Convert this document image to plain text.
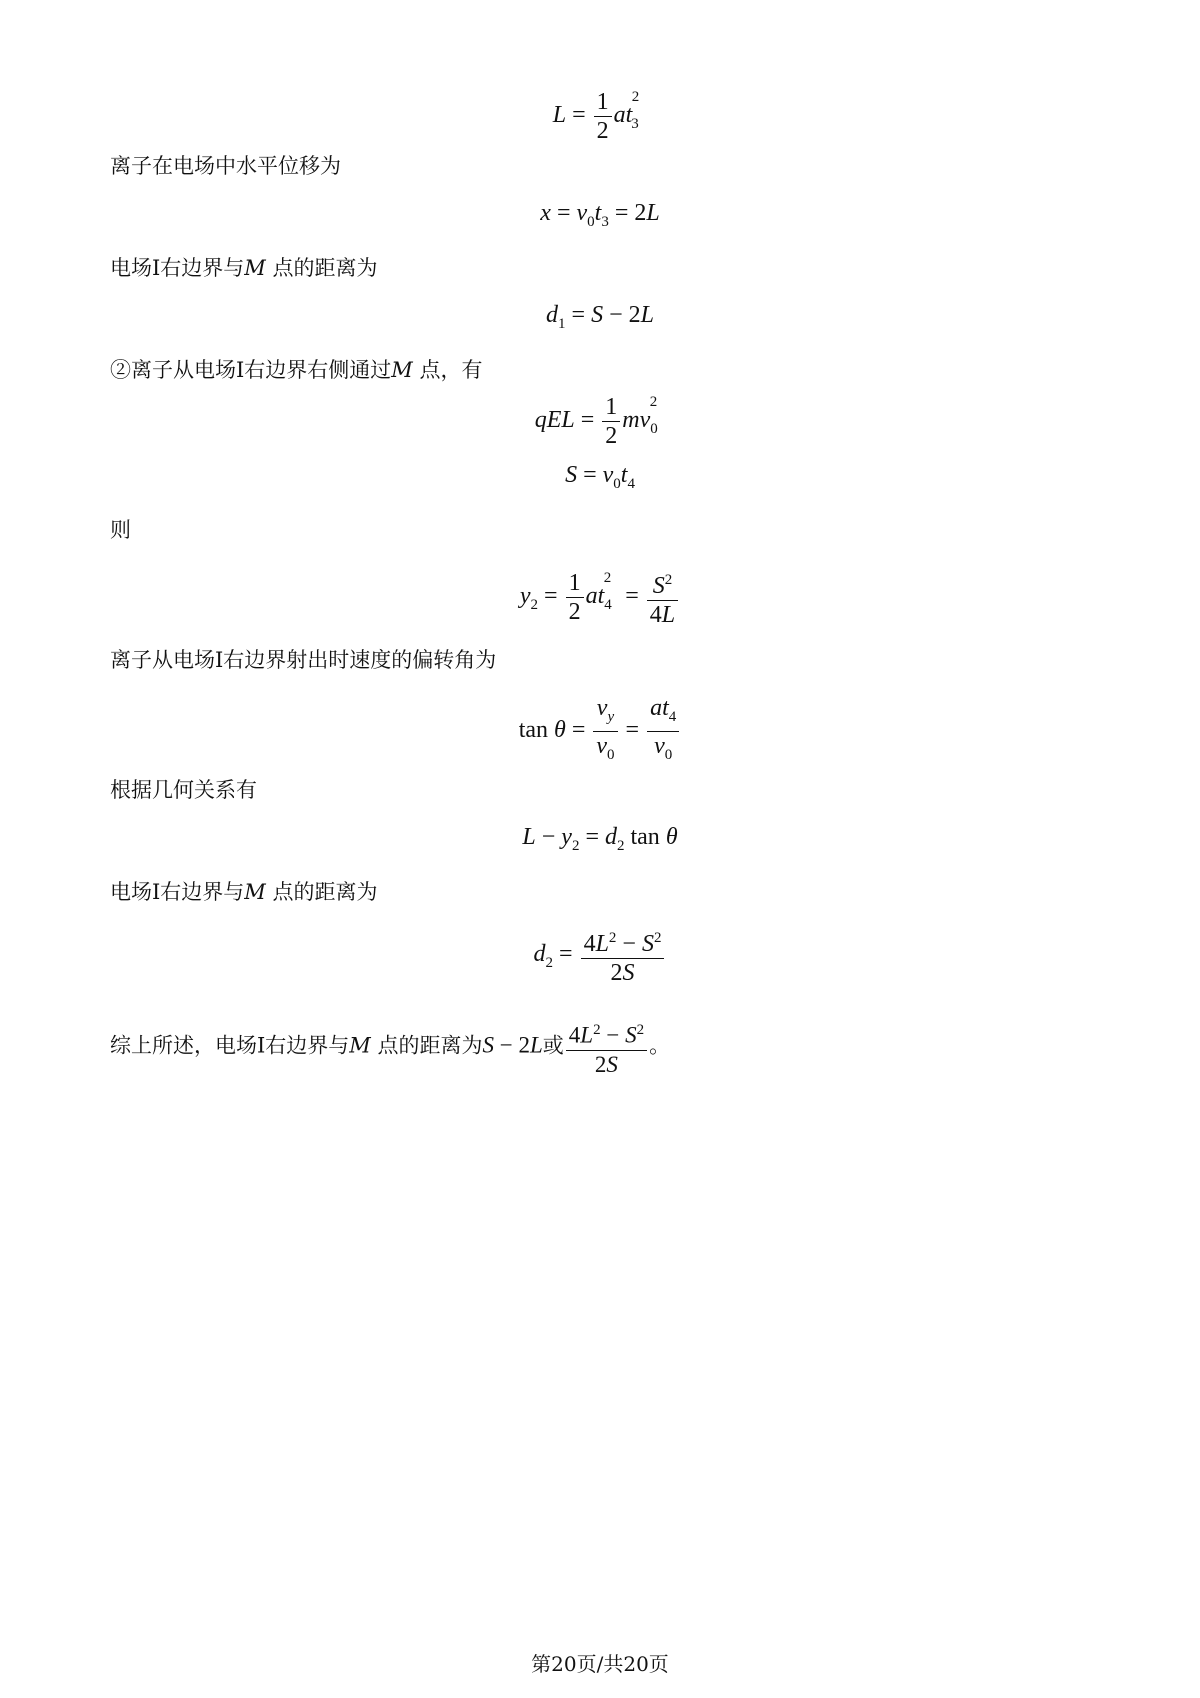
$L = \frac{1}{2} at_3^2$
离子在电场中水平位移为
$x = v_0t_3 = 2L$
电场I右边界与M 点的距离为
$d_1 = S - 2L$
②离子从电场I右边界右侧通过M 点，有
qEL = $\frac{1}{2} mv_0^2$
$S = v_0t_4$
则
$y_2 = \frac{1}{2} at_4^2 = \frac{S^2}{4L}$
离子从电场I右边界射出时速度的偏转角为
$\tan \theta = \frac{v_y}{v_0} = \frac{at_4}{v_0}$
根据几何关系有
$L - y_2 = d_2$ tan θ
电场I右边界与M 点的距离为
$d_2 = \frac{4L^2 - S^2}{2S}$
综上所述，电场I右边界与M 点的距离为S − 2L或 $\frac{4L^2 - S^2}{2S}$ 。
第20页/共20页
